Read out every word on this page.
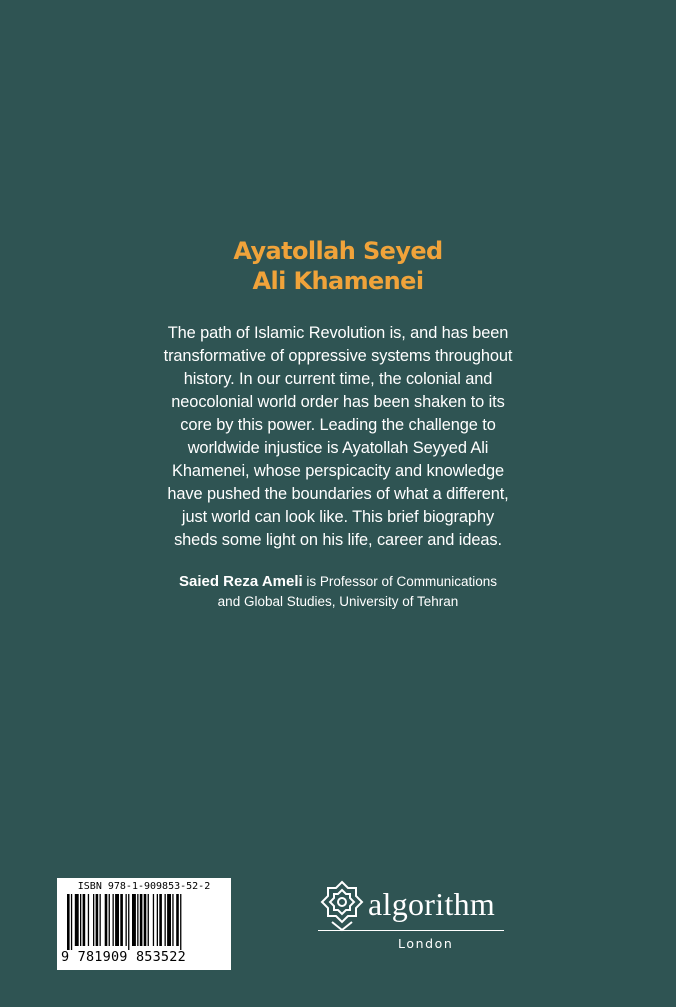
Ayatollah Seyed
Ali Khamenei
The path of Islamic Revolution is, and has been
transformative of oppressive systems throughout
history. In our current time, the colonial and
neocolonial world order has been shaken to its
core by this power. Leading the challenge to
worldwide injustice is Ayatollah Seyyed Ali
Khamenei, whose perspicacity and knowledge
have pushed the boundaries of what a different,
just world can look like. This brief biography
sheds some light on his life, career and ideas.
Saied Reza Ameli is Professor of Communications
and Global Studies, University of Tehran
ISBN 978-1-909853-52-2
9 781909 853522
algorithm
London
